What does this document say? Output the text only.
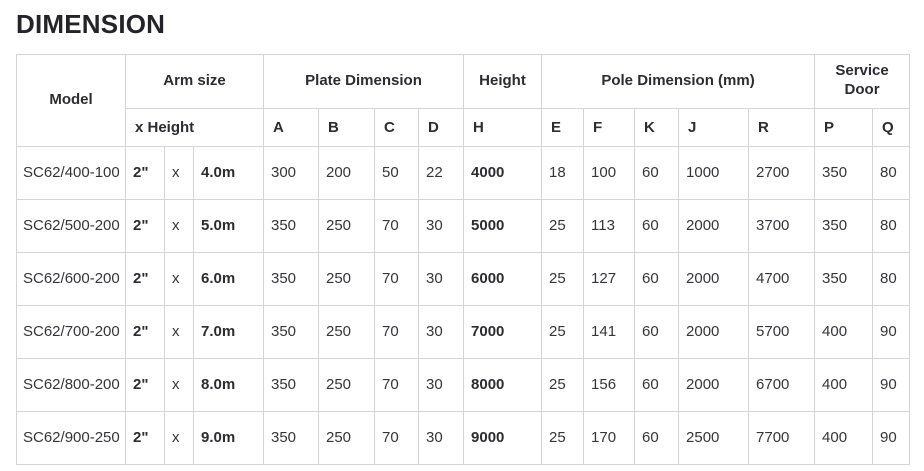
DIMENSION
Model	Arm size			Plate Dimension				Height	Pole Dimension (mm)					Service Door	
	x Height			A	B	C	D	H	E	F	K	J	R	P	Q
SC62/400-100	2"	x	4.0m	300	200	50	22	4000	18	100	60	1000	2700	350	80
SC62/500-200	2"	x	5.0m	350	250	70	30	5000	25	113	60	2000	3700	350	80
SC62/600-200	2"	x	6.0m	350	250	70	30	6000	25	127	60	2000	4700	350	80
SC62/700-200	2"	x	7.0m	350	250	70	30	7000	25	141	60	2000	5700	400	90
SC62/800-200	2"	x	8.0m	350	250	70	30	8000	25	156	60	2000	6700	400	90
SC62/900-250	2"	x	9.0m	350	250	70	30	9000	25	170	60	2500	7700	400	90
